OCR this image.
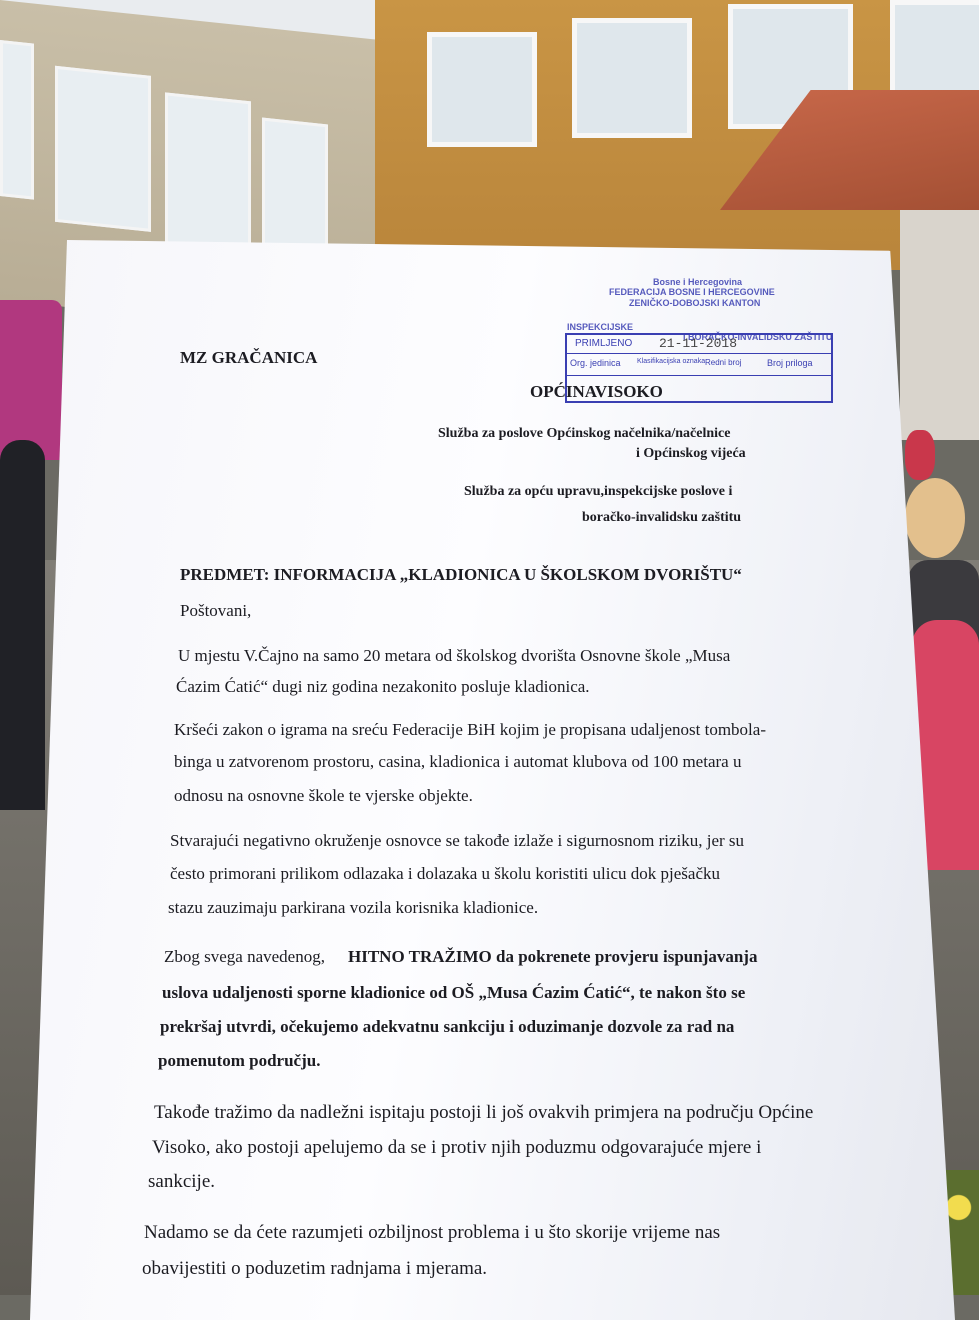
Bosne i Hercegovina
FEDERACIJA BOSNE I HERCEGOVINE
ZENIČKO-DOBOJSKI KANTON
INSPEKCIJSKE
I BORAČKO-INVALIDSKU ZAŠTITU
PRIMLJENO 21-11-2018
Org. jedinica Klasifikacijska oznaka Redni broj	Broj priloga
MZ GRAČANICA
OPĆINAVISOKO
Služba za poslove Općinskog načelnika/načelnice
i Općinskog vijeća
Služba za opću upravu,inspekcijske poslove i
boračko-invalidsku zaštitu
PREDMET: INFORMACIJA „KLADIONICA U ŠKOLSKOM DVORIŠTU“
Poštovani,
U mjestu V.Čajno na samo 20 metara od školskog dvorišta Osnovne škole „Musa
Ćazim Ćatić“ dugi niz godina nezakonito posluje kladionica.
Kršeći zakon o igrama na sreću Federacije BiH kojim je propisana udaljenost tombola-
binga u zatvorenom prostoru, casina, kladionica i automat klubova od 100 metara u
odnosu na osnovne škole te vjerske objekte.
Stvarajući negativno okruženje osnovce se takođe izlaže i sigurnosnom riziku, jer su
često primorani prilikom odlazaka i dolazaka u školu koristiti ulicu dok pješačku
stazu zauzimaju parkirana vozila korisnika kladionice.
Zbog svega navedenog, HITNO TRAŽIMO da pokrenete provjeru ispunjavanja
uslova udaljenosti sporne kladionice od OŠ „Musa Ćazim Ćatić“, te nakon što se
prekršaj utvrdi, očekujemo adekvatnu sankciju i oduzimanje dozvole za rad na
pomenutom području.
Takođe tražimo da nadležni ispitaju postoji li još ovakvih primjera na području Općine
Visoko, ako postoji apelujemo da se i protiv njih poduzmu odgovarajuće mjere i
sankcije.
Nadamo se da ćete razumjeti ozbiljnost problema i u što skorije vrijeme nas
obavijestiti o poduzetim radnjama i mjerama.
